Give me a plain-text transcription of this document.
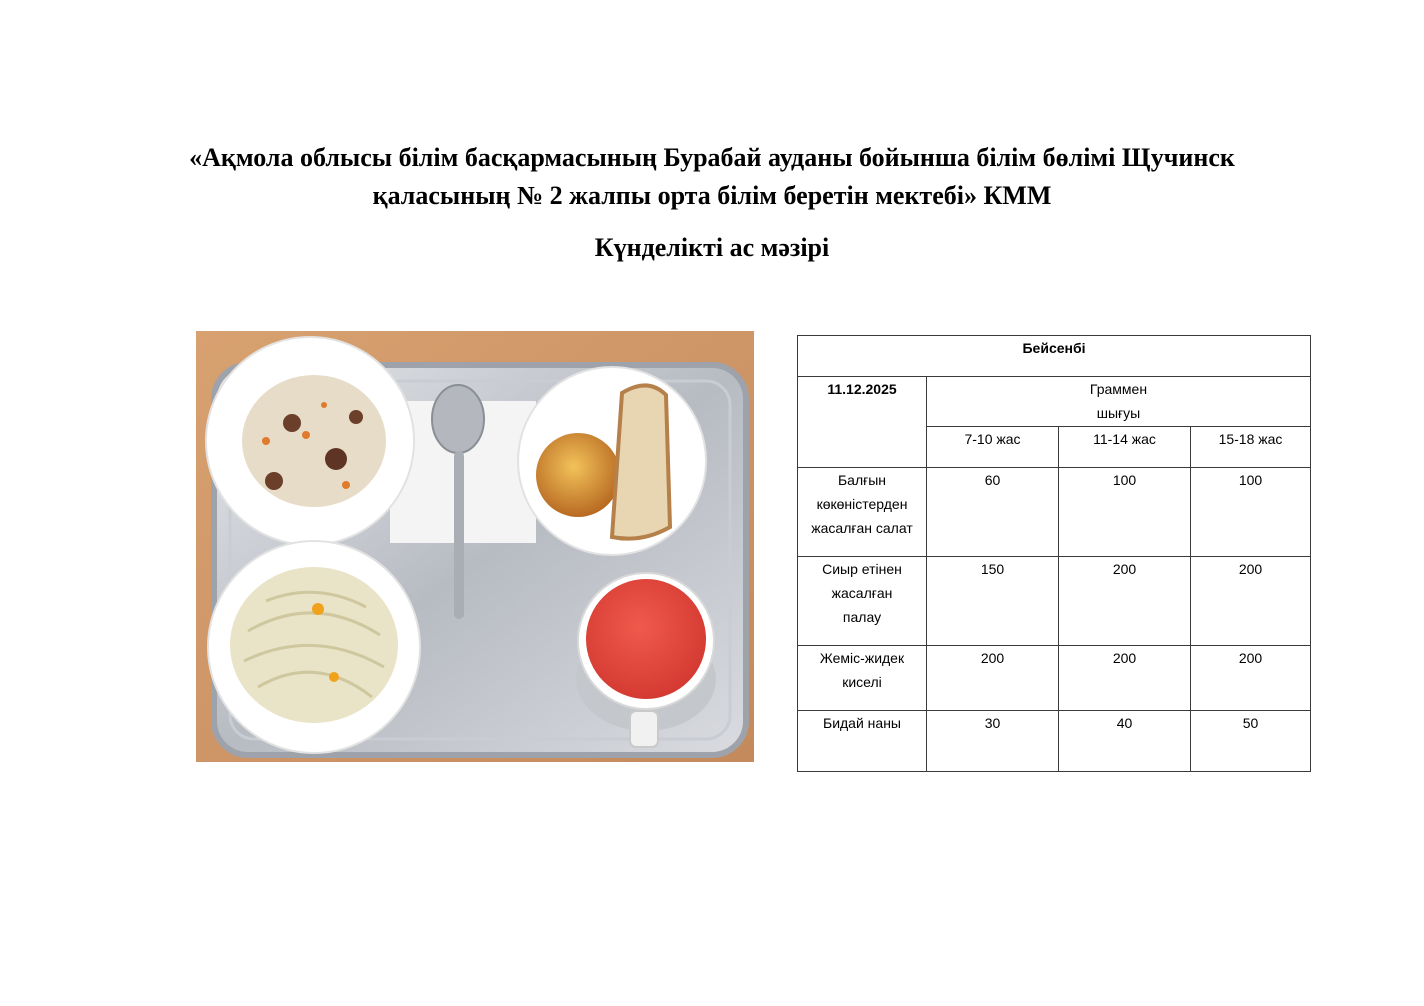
«Ақмола облысы білім басқармасының Бурабай ауданы бойынша білім бөлімі Щучинск
қаласының № 2 жалпы орта білім беретін мектебі» КММ
Күнделікті ас мәзірі
Бейсенбі			
11.12.2025	Граммен
шығуы		

	7-10 жас	11-14 жас	15-18 жас

Балғын
көкөністерден
жасалған салат	60	100	100

Сиыр етінен
жасалған
палау	150	200	200

Жеміс-жидек
киселі	200	200	200

Бидай наны	30	40	50
